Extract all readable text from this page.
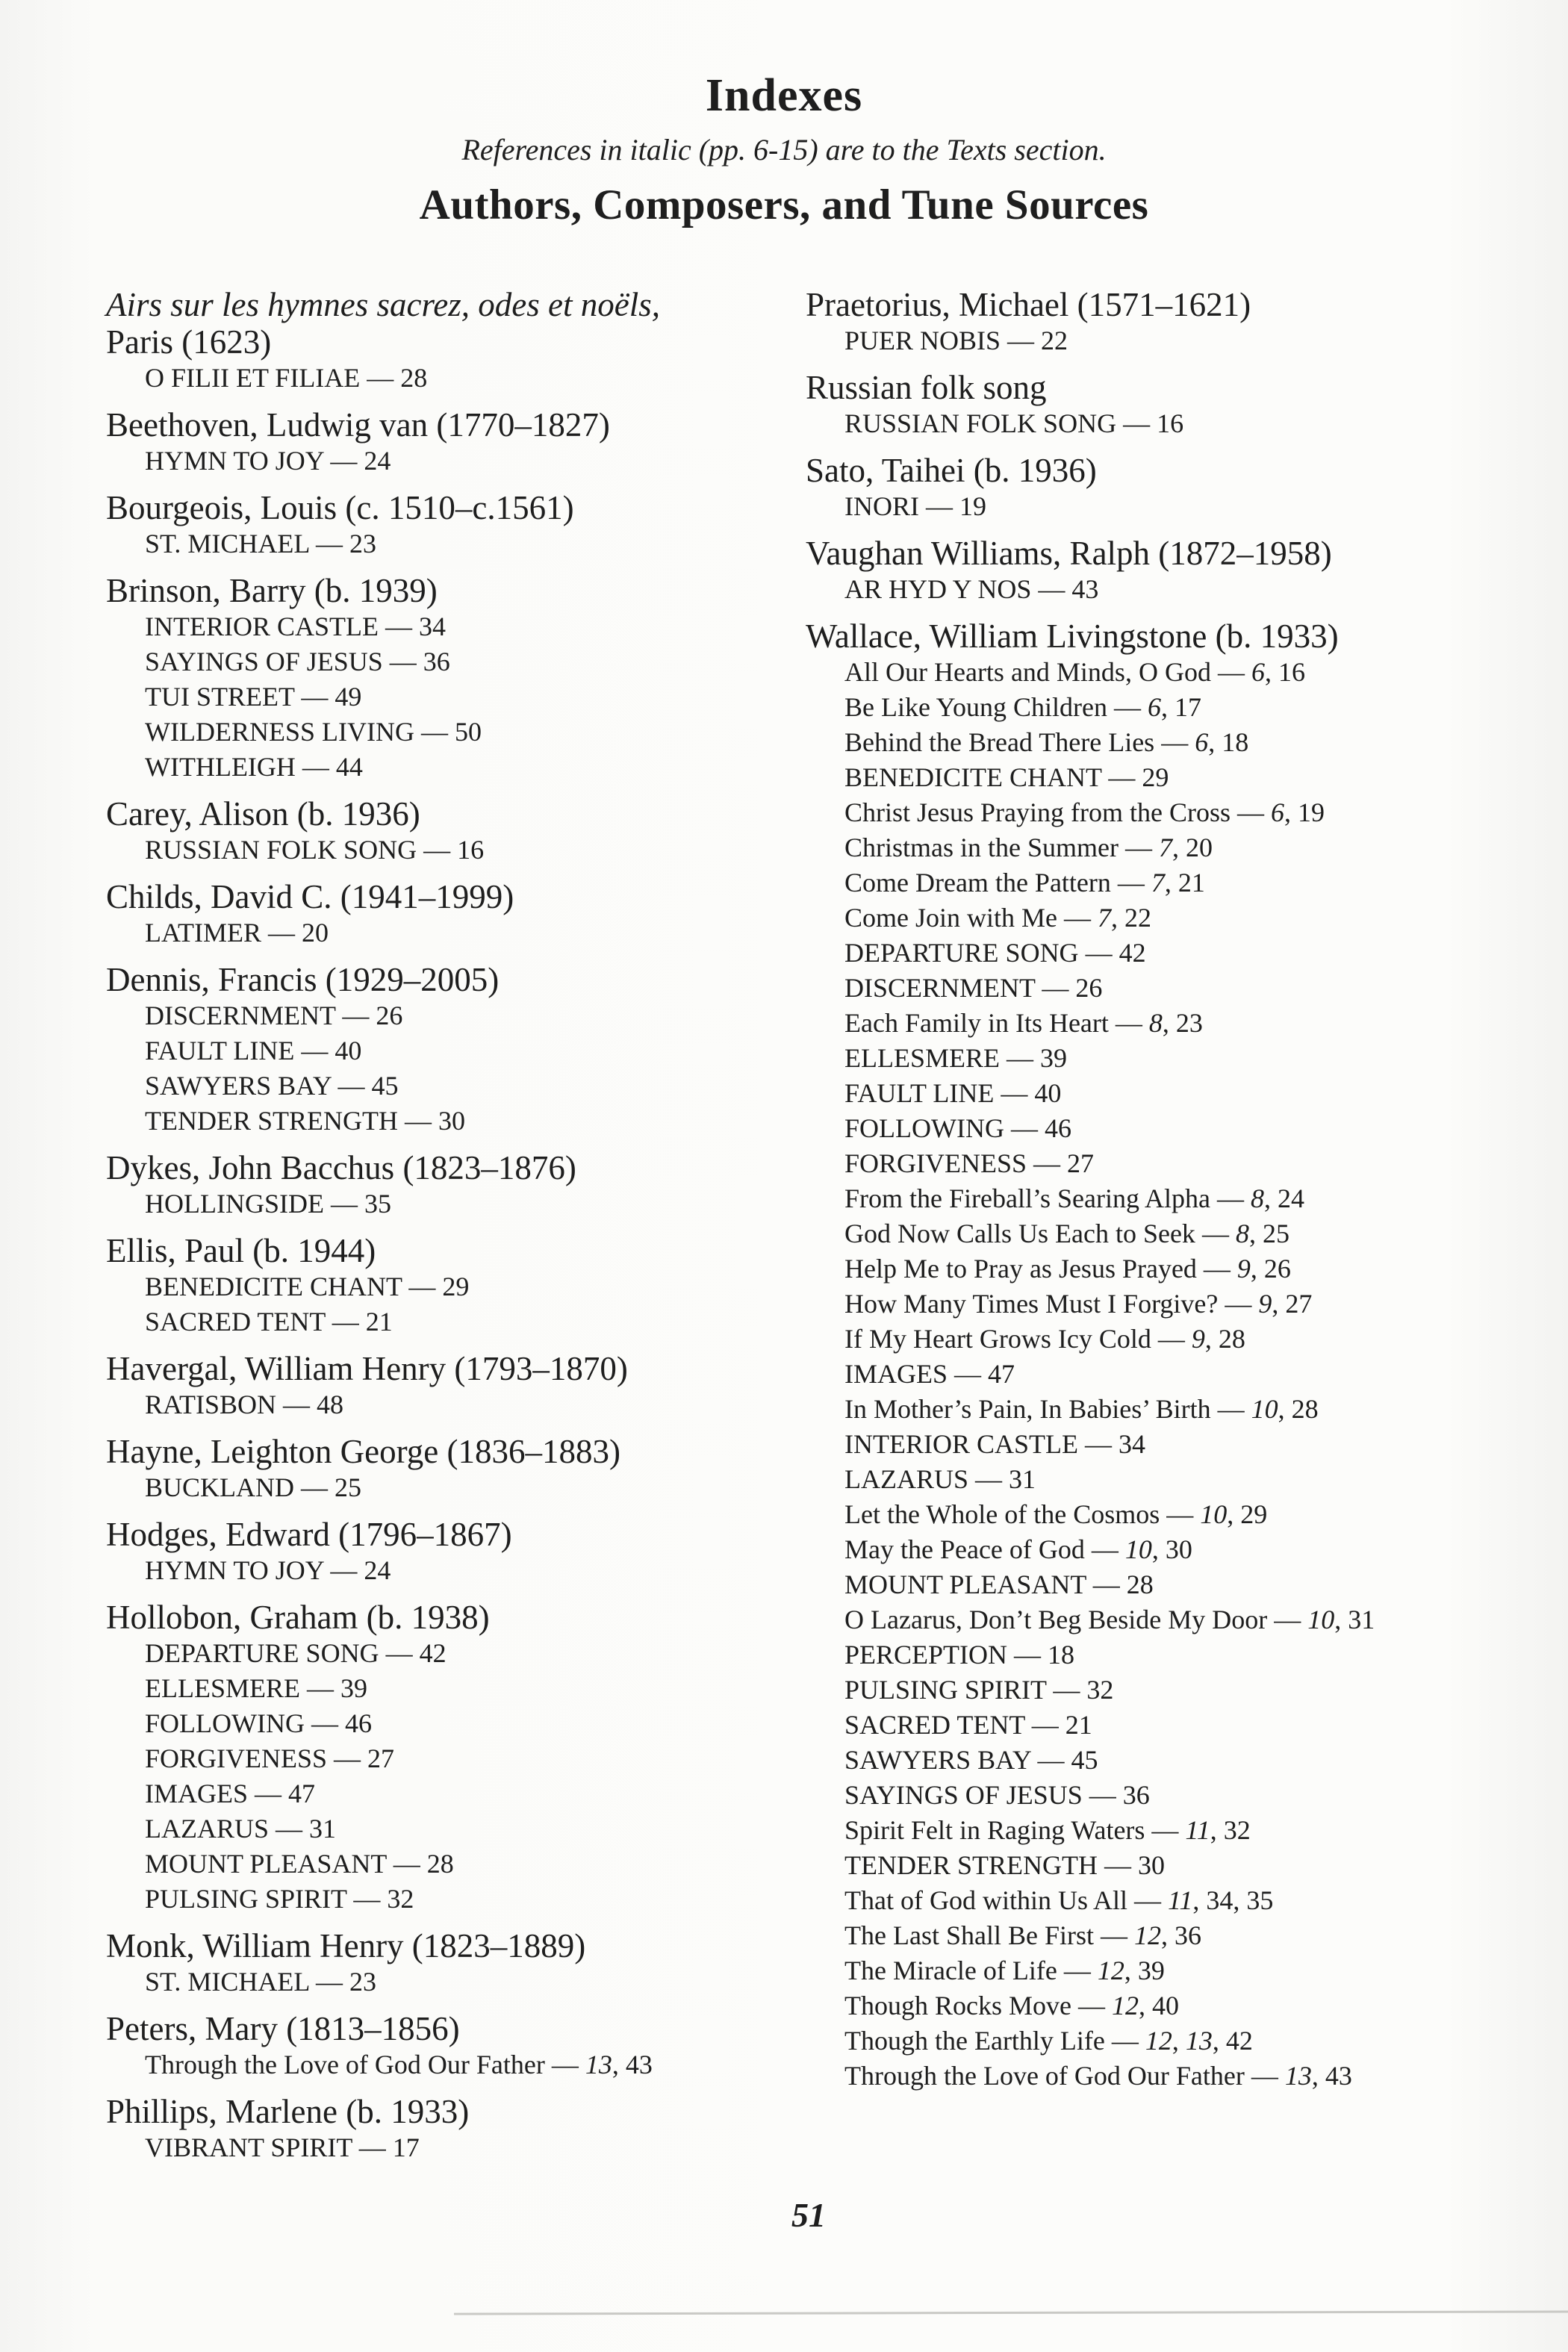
Indexes

References in italic (pp. 6-15) are to the Texts section.

Authors, Composers, and Tune Sources
Airs sur les hymnes sacrez, odes et noëls,
Paris (1623)
O FILII ET FILIAE — 28
Beethoven, Ludwig van (1770–1827)
HYMN TO JOY — 24
Bourgeois, Louis (c. 1510–c.1561)
ST. MICHAEL — 23
Brinson, Barry (b. 1939)
INTERIOR CASTLE — 34
SAYINGS OF JESUS — 36
TUI STREET — 49
WILDERNESS LIVING — 50
WITHLEIGH — 44
Carey, Alison (b. 1936)
RUSSIAN FOLK SONG — 16
Childs, David C. (1941–1999)
LATIMER — 20
Dennis, Francis (1929–2005)
DISCERNMENT — 26
FAULT LINE — 40
SAWYERS BAY — 45
TENDER STRENGTH — 30
Dykes, John Bacchus (1823–1876)
HOLLINGSIDE — 35
Ellis, Paul (b. 1944)
BENEDICITE CHANT — 29
SACRED TENT — 21
Havergal, William Henry (1793–1870)
RATISBON — 48
Hayne, Leighton George (1836–1883)
BUCKLAND — 25
Hodges, Edward (1796–1867)
HYMN TO JOY — 24
Hollobon, Graham (b. 1938)
DEPARTURE SONG — 42
ELLESMERE — 39
FOLLOWING — 46
FORGIVENESS — 27
IMAGES — 47
LAZARUS — 31
MOUNT PLEASANT — 28
PULSING SPIRIT — 32
Monk, William Henry (1823–1889)
ST. MICHAEL — 23
Peters, Mary (1813–1856)
Through the Love of God Our Father — 13, 43
Phillips, Marlene (b. 1933)
VIBRANT SPIRIT — 17
Praetorius, Michael (1571–1621)
PUER NOBIS — 22
Russian folk song
RUSSIAN FOLK SONG — 16
Sato, Taihei (b. 1936)
INORI — 19
Vaughan Williams, Ralph (1872–1958)
AR HYD Y NOS — 43
Wallace, William Livingstone (b. 1933)
All Our Hearts and Minds, O God — 6, 16
Be Like Young Children — 6, 17
Behind the Bread There Lies — 6, 18
BENEDICITE CHANT — 29
Christ Jesus Praying from the Cross — 6, 19
Christmas in the Summer — 7, 20
Come Dream the Pattern — 7, 21
Come Join with Me — 7, 22
DEPARTURE SONG — 42
DISCERNMENT — 26
Each Family in Its Heart — 8, 23
ELLESMERE — 39
FAULT LINE — 40
FOLLOWING — 46
FORGIVENESS — 27
From the Fireball’s Searing Alpha — 8, 24
God Now Calls Us Each to Seek — 8, 25
Help Me to Pray as Jesus Prayed — 9, 26
How Many Times Must I Forgive? — 9, 27
If My Heart Grows Icy Cold — 9, 28
IMAGES — 47
In Mother’s Pain, In Babies’ Birth — 10, 28
INTERIOR CASTLE — 34
LAZARUS — 31
Let the Whole of the Cosmos — 10, 29
May the Peace of God — 10, 30
MOUNT PLEASANT — 28
O Lazarus, Don’t Beg Beside My Door — 10, 31
PERCEPTION — 18
PULSING SPIRIT — 32
SACRED TENT — 21
SAWYERS BAY — 45
SAYINGS OF JESUS — 36
Spirit Felt in Raging Waters — 11, 32
TENDER STRENGTH — 30
That of God within Us All — 11, 34, 35
The Last Shall Be First — 12, 36
The Miracle of Life — 12, 39
Though Rocks Move — 12, 40
Though the Earthly Life — 12, 13, 42
Through the Love of God Our Father — 13, 43
51
